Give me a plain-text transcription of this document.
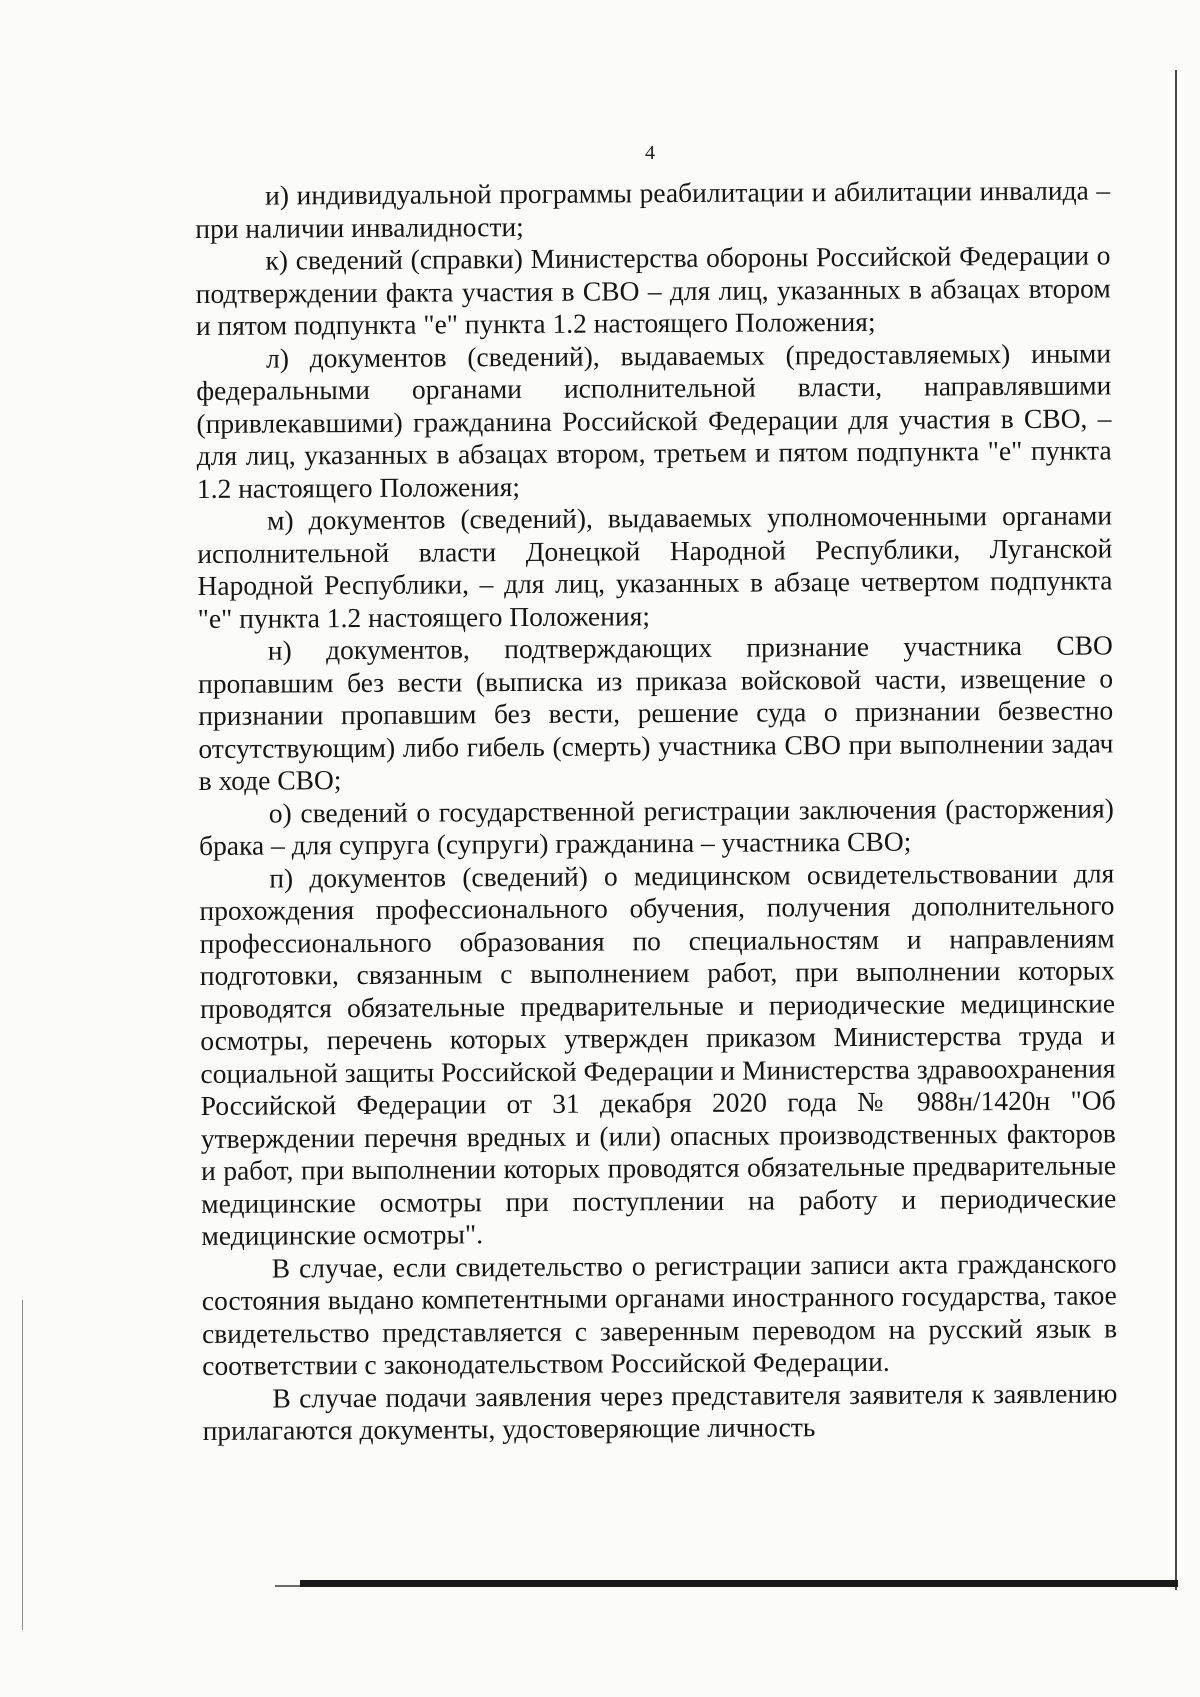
4

и) индивидуальной программы реабилитации и абилитации инвалида – при наличии инвалидности;

к) сведений (справки) Министерства обороны Российской Федерации о подтверждении факта участия в СВО – для лиц, указанных в абзацах втором и пятом подпункта "е" пункта 1.2 настоящего Положения;

л) документов (сведений), выдаваемых (предоставляемых) иными федеральными органами исполнительной власти, направлявшими (привлекавшими) гражданина Российской Федерации для участия в СВО, – для лиц, указанных в абзацах втором, третьем и пятом подпункта "е" пункта 1.2 настоящего Положения;

м) документов (сведений), выдаваемых уполномоченными органами исполнительной власти Донецкой Народной Республики, Луганской Народной Республики, – для лиц, указанных в абзаце четвертом подпункта "е" пункта 1.2 настоящего Положения;

н) документов, подтверждающих признание участника СВО пропавшим без вести (выписка из приказа войсковой части, извещение о признании пропавшим без вести, решение суда о признании безвестно отсутствующим) либо гибель (смерть) участника СВО при выполнении задач в ходе СВО;

о) сведений о государственной регистрации заключения (расторжения) брака – для супруга (супруги) гражданина – участника СВО;

п) документов (сведений) о медицинском освидетельствовании для прохождения профессионального обучения, получения дополнительного профессионального образования по специальностям и направлениям подготовки, связанным с выполнением работ, при выполнении которых проводятся обязательные предварительные и периодические медицинские осмотры, перечень которых утвержден приказом Министерства труда и социальной защиты Российской Федерации и Министерства здравоохранения Российской Федерации от 31 декабря 2020 года № 988н/1420н "Об утверждении перечня вредных и (или) опасных производственных факторов и работ, при выполнении которых проводятся обязательные предварительные медицинские осмотры при поступлении на работу и периодические медицинские осмотры".

В случае, если свидетельство о регистрации записи акта гражданского состояния выдано компетентными органами иностранного государства, такое свидетельство представляется с заверенным переводом на русский язык в соответствии с законодательством Российской Федерации.

В случае подачи заявления через представителя заявителя к заявлению прилагаются документы, удостоверяющие личность
